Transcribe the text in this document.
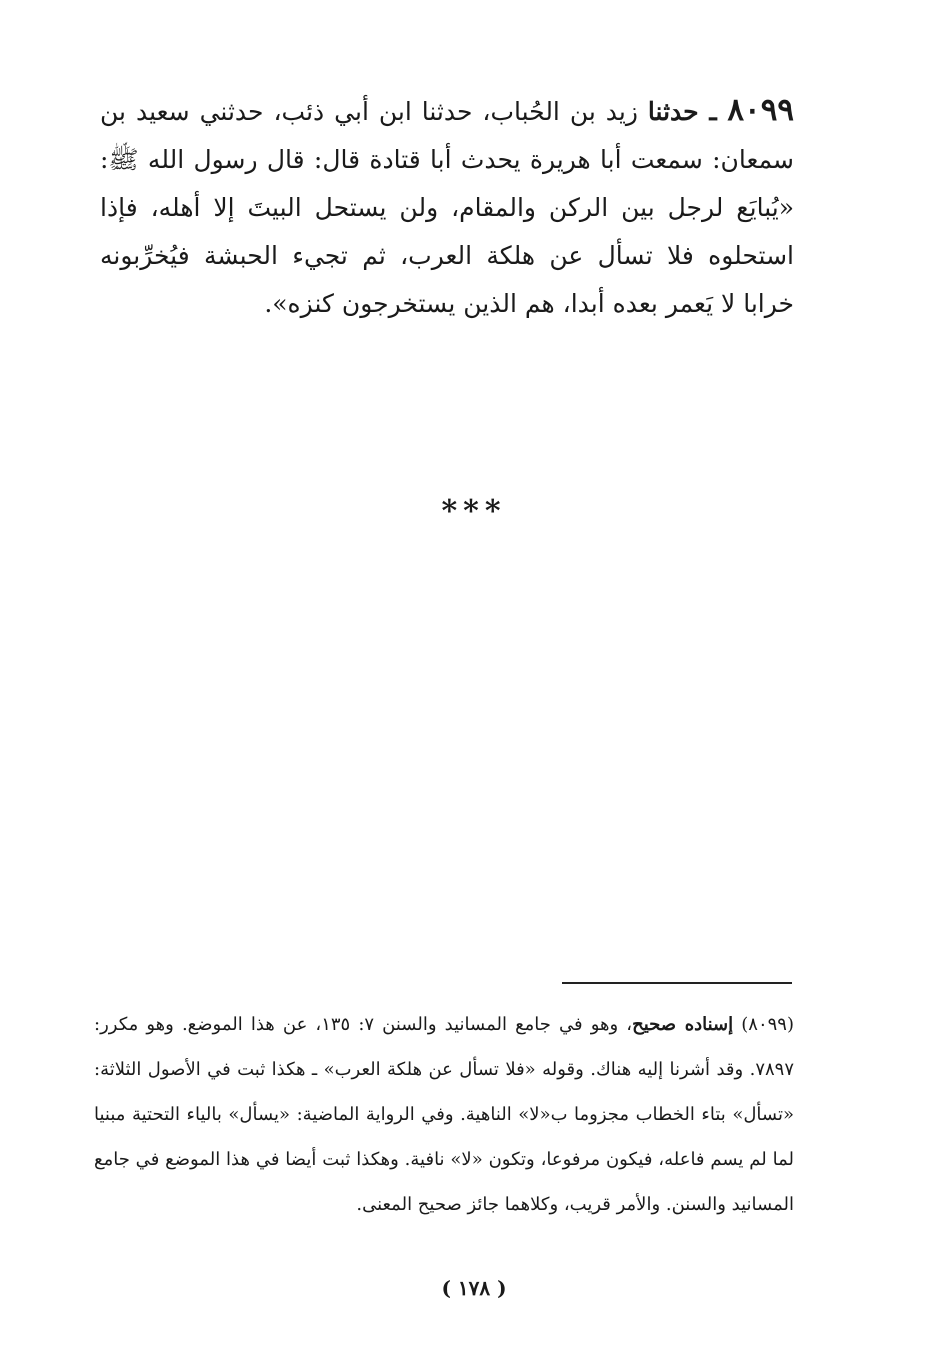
٨٠٩٩ ـ حدثنا زيد بن الحُباب، حدثنا ابن أبي ذئب، حدثني سعيد بن سمعان: سمعت أبا هريرة يحدث أبا قتادة قال: قال رسول الله ﷺ: «يُبايَع لرجل بين الركن والمقام، ولن يستحل البيتَ إلا أهله، فإذا استحلوه فلا تسأل عن هلكة العرب، ثم تجيء الحبشة فيُخرِّبونه خرابا لا يَعمر بعده أبدا، هم الذين يستخرجون كنزه».
***
(٨٠٩٩) إسناده صحيح، وهو في جامع المسانيد والسنن ٧: ١٣٥، عن هذا الموضع. وهو مكرر: ٧٨٩٧. وقد أشرنا إليه هناك. وقوله «فلا تسأل عن هلكة العرب» ـ هكذا ثبت في الأصول الثلاثة: «تسأل» بتاء الخطاب مجزوما ب«لا» الناهية. وفي الرواية الماضية: «يسأل» بالياء التحتية مبنيا لما لم يسم فاعله، فيكون مرفوعا، وتكون «لا» نافية. وهكذا ثبت أيضا في هذا الموضع في جامع المسانيد والسنن. والأمر قريب، وكلاهما جائز صحيح المعنى.
( ١٧٨ )
